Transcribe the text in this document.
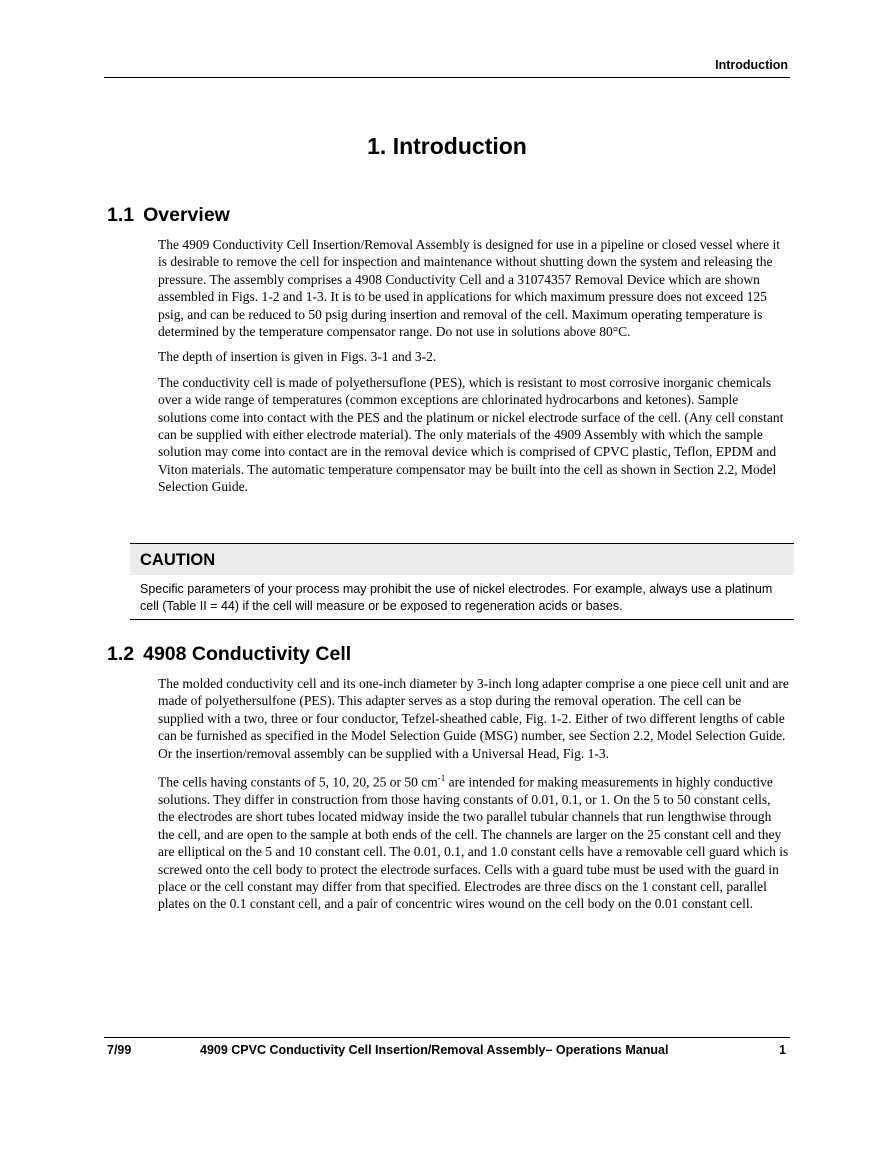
Introduction
1. Introduction
1.1 Overview

The 4909 Conductivity Cell Insertion/Removal Assembly is designed for use in a pipeline or closed vessel where it is desirable to remove the cell for inspection and maintenance without shutting down the system and releasing the pressure. The assembly comprises a 4908 Conductivity Cell and a 31074357 Removal Device which are shown assembled in Figs. 1-2 and 1-3. It is to be used in applications for which maximum pressure does not exceed 125 psig, and can be reduced to 50 psig during insertion and removal of the cell. Maximum operating temperature is determined by the temperature compensator range. Do not use in solutions above 80°C.

The depth of insertion is given in Figs. 3-1 and 3-2.

The conductivity cell is made of polyethersuflone (PES), which is resistant to most corrosive inorganic chemicals over a wide range of temperatures (common exceptions are chlorinated hydrocarbons and ketones). Sample solutions come into contact with the PES and the platinum or nickel electrode surface of the cell. (Any cell constant can be supplied with either electrode material). The only materials of the 4909 Assembly with which the sample solution may come into contact are in the removal device which is comprised of CPVC plastic, Teflon, EPDM and Viton materials. The automatic temperature compensator may be built into the cell as shown in Section 2.2, Model Selection Guide.

CAUTION
Specific parameters of your process may prohibit the use of nickel electrodes. For example, always use a platinum cell (Table II = 44) if the cell will measure or be exposed to regeneration acids or bases.
1.2 4908 Conductivity Cell

The molded conductivity cell and its one-inch diameter by 3-inch long adapter comprise a one piece cell unit and are made of polyethersulfone (PES). This adapter serves as a stop during the removal operation. The cell can be supplied with a two, three or four conductor, Tefzel-sheathed cable, Fig. 1-2. Either of two different lengths of cable can be furnished as specified in the Model Selection Guide (MSG) number, see Section 2.2, Model Selection Guide. Or the insertion/removal assembly can be supplied with a Universal Head, Fig. 1-3.

The cells having constants of 5, 10, 20, 25 or 50 $cm^{-1}$ are intended for making measurements in highly conductive solutions. They differ in construction from those having constants of 0.01, 0.1, or 1. On the 5 to 50 constant cells, the electrodes are short tubes located midway inside the two parallel tubular channels that run lengthwise through the cell, and are open to the sample at both ends of the cell. The channels are larger on the 25 constant cell and they are elliptical on the 5 and 10 constant cell. The 0.01, 0.1, and 1.0 constant cells have a removable cell guard which is screwed onto the cell body to protect the electrode surfaces. Cells with a guard tube must be used with the guard in place or the cell constant may differ from that specified. Electrodes are three discs on the 1 constant cell, parallel plates on the 0.1 constant cell, and a pair of concentric wires wound on the cell body on the 0.01 constant cell.

7/99	4909 CPVC Conductivity Cell Insertion/Removal Assembly– Operations Manual	1
